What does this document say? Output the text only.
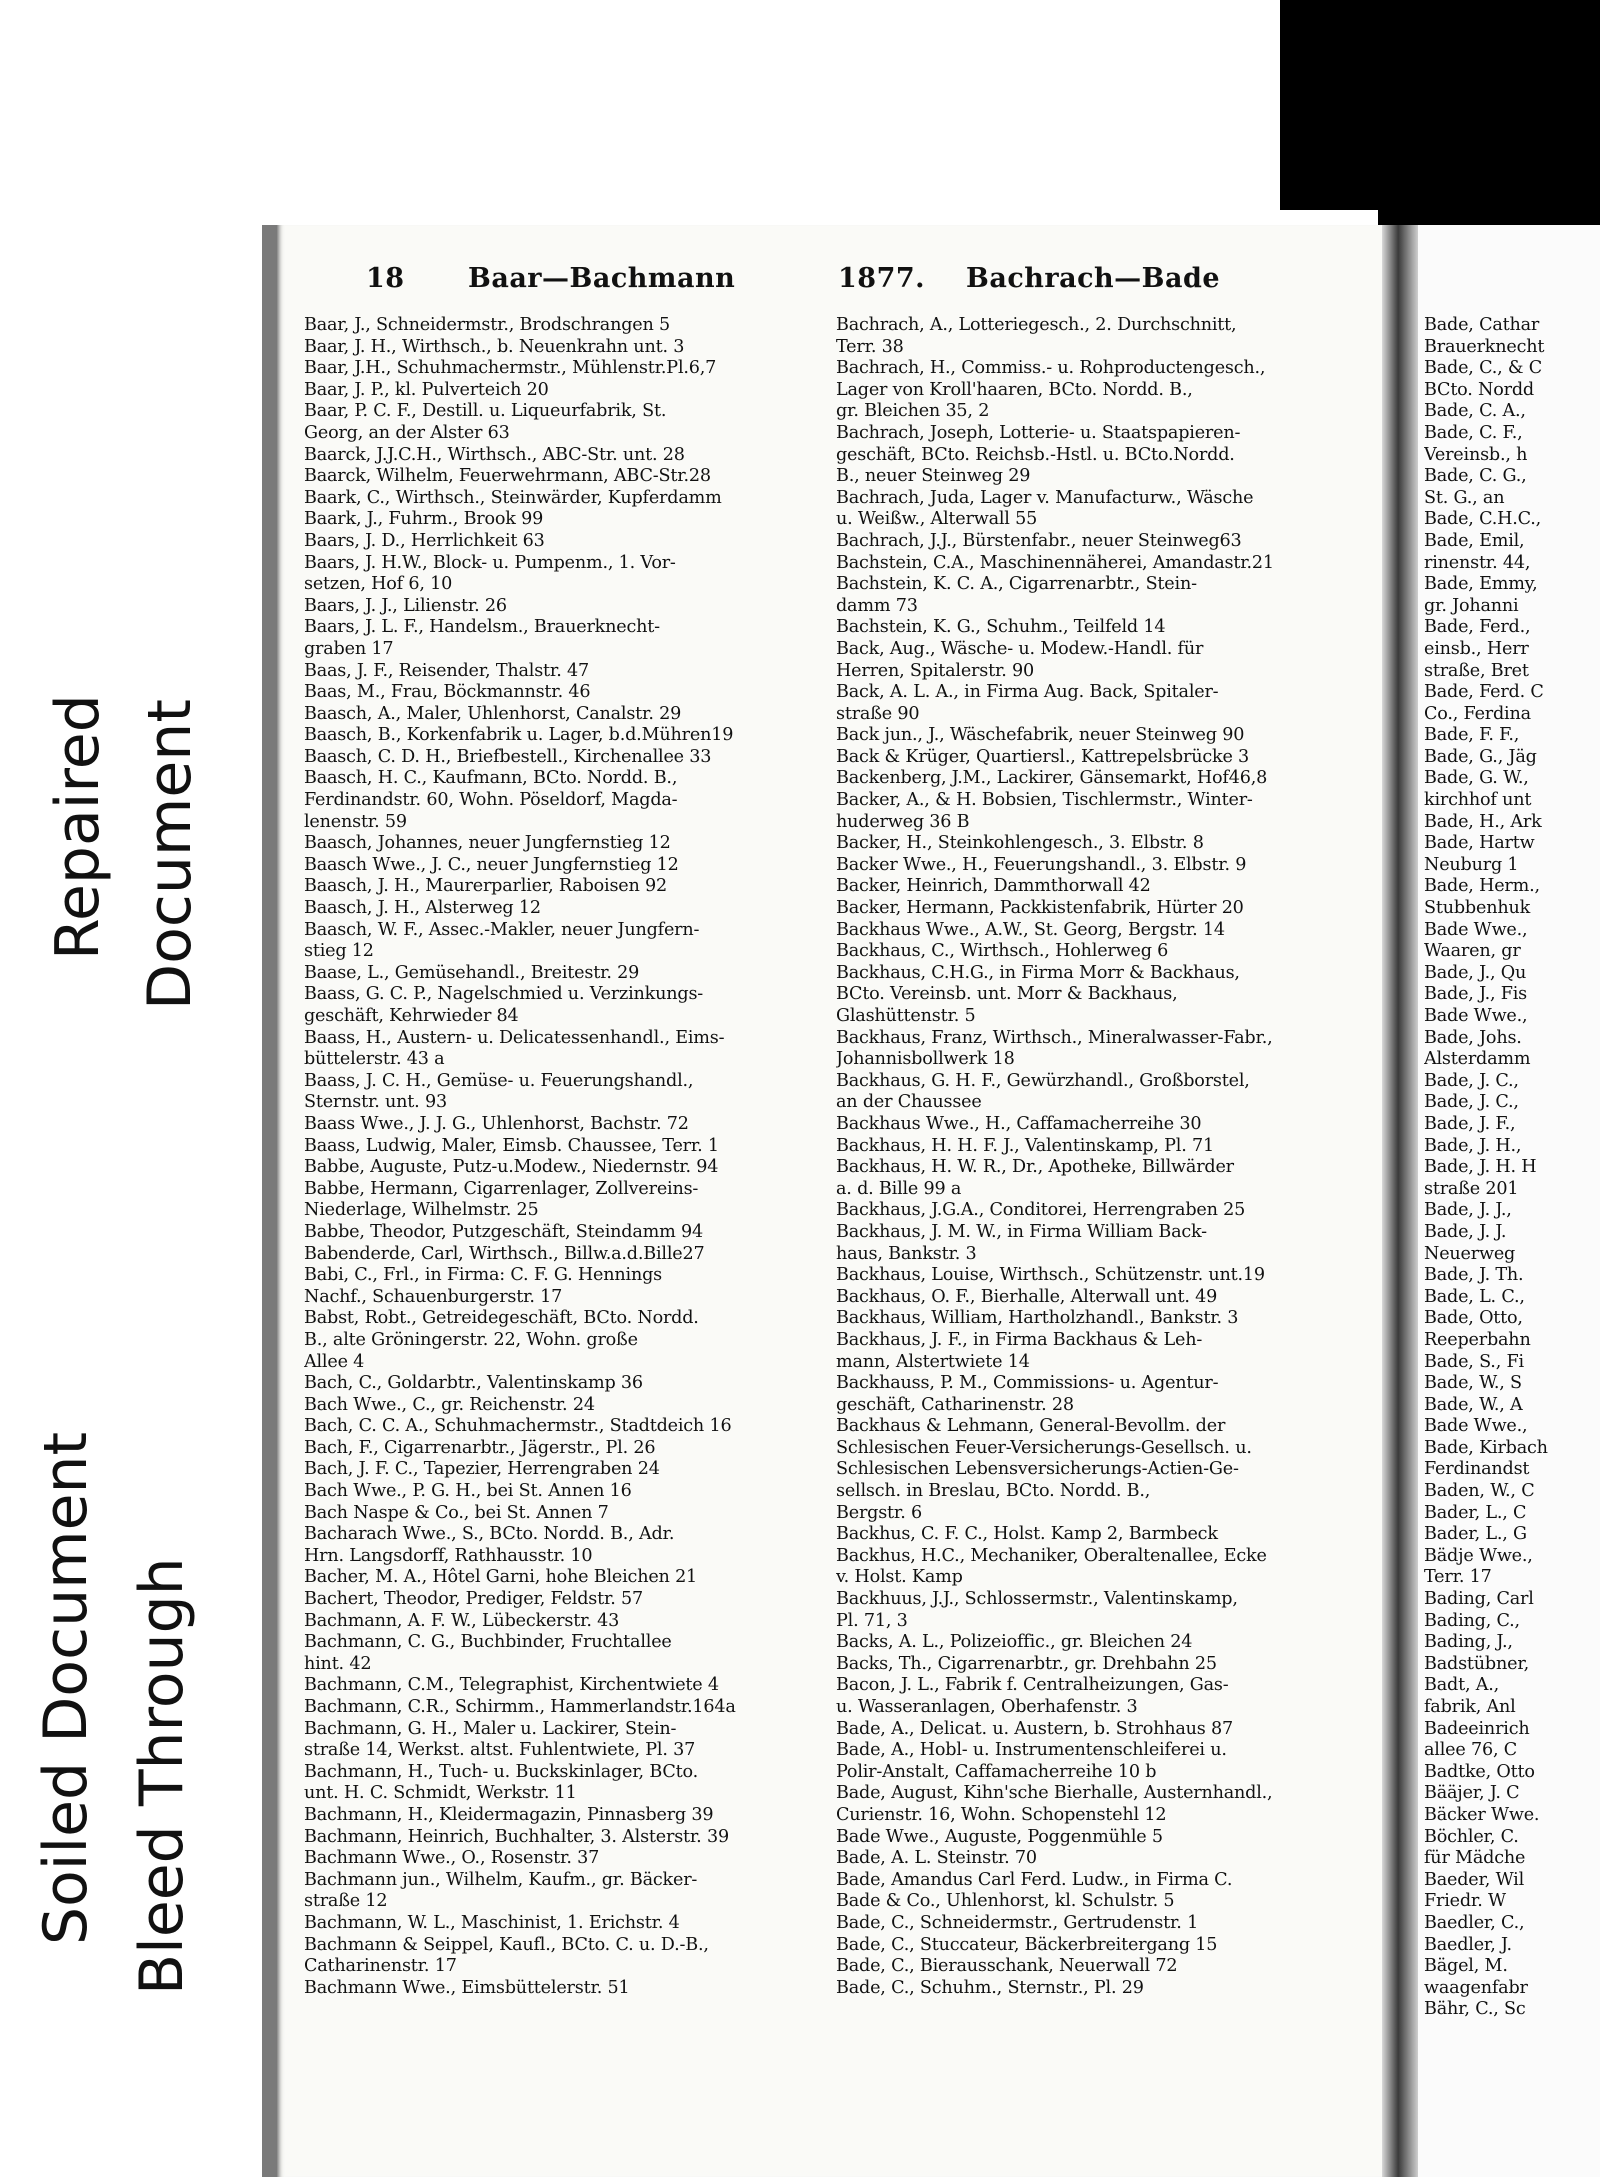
Repaired Document
Soiled Document Bleed Through
18 Baar—Bachmann	1877. Bachrach—Bade
Baar, J., Schneidermstr., Brodschrangen 5
Baar, J. H., Wirthsch., b. Neuenkrahn unt. 3
Baar, J.H., Schuhmachermstr., Mühlenstr.Pl.6,7
Baar, J. P., kl. Pulverteich 20
Baar, P. C. F., Destill. u. Liqueurfabrik, St.
Georg, an der Alster 63
Baarck, J.J.C.H., Wirthsch., ABC-Str. unt. 28
Baarck, Wilhelm, Feuerwehrmann, ABC-Str.28
Baark, C., Wirthsch., Steinwärder, Kupferdamm
Baark, J., Fuhrm., Brook 99
Baars, J. D., Herrlichkeit 63
Baars, J. H.W., Block- u. Pumpenm., 1. Vor-
setzen, Hof 6, 10
Baars, J. J., Lilienstr. 26
Baars, J. L. F., Handelsm., Brauerknecht-
graben 17
Baas, J. F., Reisender, Thalstr. 47
Baas, M., Frau, Böckmannstr. 46
Baasch, A., Maler, Uhlenhorst, Canalstr. 29
Baasch, B., Korkenfabrik u. Lager, b.d.Mühren19
Baasch, C. D. H., Briefbestell., Kirchenallee 33
Baasch, H. C., Kaufmann, BCto. Nordd. B.,
Ferdinandstr. 60, Wohn. Pöseldorf, Magda-
lenenstr. 59
Baasch, Johannes, neuer Jungfernstieg 12
Baasch Wwe., J. C., neuer Jungfernstieg 12
Baasch, J. H., Maurerparlier, Raboisen 92
Baasch, J. H., Alsterweg 12
Baasch, W. F., Assec.-Makler, neuer Jungfern-
stieg 12
Baase, L., Gemüsehandl., Breitestr. 29
Baass, G. C. P., Nagelschmied u. Verzinkungs-
geschäft, Kehrwieder 84
Baass, H., Austern- u. Delicatessenhandl., Eims-
büttelerstr. 43 a
Baass, J. C. H., Gemüse- u. Feuerungshandl.,
Sternstr. unt. 93
Baass Wwe., J. J. G., Uhlenhorst, Bachstr. 72
Baass, Ludwig, Maler, Eimsb. Chaussee, Terr. 1
Babbe, Auguste, Putz-u.Modew., Niedernstr. 94
Babbe, Hermann, Cigarrenlager, Zollvereins-
Niederlage, Wilhelmstr. 25
Babbe, Theodor, Putzgeschäft, Steindamm 94
Babenderde, Carl, Wirthsch., Billw.a.d.Bille27
Babi, C., Frl., in Firma: C. F. G. Hennings
Nachf., Schauenburgerstr. 17
Babst, Robt., Getreidegeschäft, BCto. Nordd.
B., alte Gröningerstr. 22, Wohn. große
Allee 4
Bach, C., Goldarbtr., Valentinskamp 36
Bach Wwe., C., gr. Reichenstr. 24
Bach, C. C. A., Schuhmachermstr., Stadtdeich 16
Bach, F., Cigarrenarbtr., Jägerstr., Pl. 26
Bach, J. F. C., Tapezier, Herrengraben 24
Bach Wwe., P. G. H., bei St. Annen 16
Bach Naspe & Co., bei St. Annen 7
Bacharach Wwe., S., BCto. Nordd. B., Adr.
Hrn. Langsdorff, Rathhausstr. 10
Bacher, M. A., Hôtel Garni, hohe Bleichen 21
Bachert, Theodor, Prediger, Feldstr. 57
Bachmann, A. F. W., Lübeckerstr. 43
Bachmann, C. G., Buchbinder, Fruchtallee
hint. 42
Bachmann, C.M., Telegraphist, Kirchentwiete 4
Bachmann, C.R., Schirmm., Hammerlandstr.164a
Bachmann, G. H., Maler u. Lackirer, Stein-
straße 14, Werkst. altst. Fuhlentwiete, Pl. 37
Bachmann, H., Tuch- u. Buckskinlager, BCto.
unt. H. C. Schmidt, Werkstr. 11
Bachmann, H., Kleidermagazin, Pinnasberg 39
Bachmann, Heinrich, Buchhalter, 3. Alsterstr. 39
Bachmann Wwe., O., Rosenstr. 37
Bachmann jun., Wilhelm, Kaufm., gr. Bäcker-
straße 12
Bachmann, W. L., Maschinist, 1. Erichstr. 4
Bachmann & Seippel, Kaufl., BCto. C. u. D.-B.,
Catharinenstr. 17
Bachmann Wwe., Eimsbüttelerstr. 51
Bachrach, A., Lotteriegesch., 2. Durchschnitt,
Terr. 38
Bachrach, H., Commiss.- u. Rohproductengesch.,
Lager von Kroll'haaren, BCto. Nordd. B.,
gr. Bleichen 35, 2
Bachrach, Joseph, Lotterie- u. Staatspapieren-
geschäft, BCto. Reichsb.-Hstl. u. BCto.Nordd.
B., neuer Steinweg 29
Bachrach, Juda, Lager v. Manufacturw., Wäsche
u. Weißw., Alterwall 55
Bachrach, J.J., Bürstenfabr., neuer Steinweg63
Bachstein, C.A., Maschinennäherei, Amandastr.21
Bachstein, K. C. A., Cigarrenarbtr., Stein-
damm 73
Bachstein, K. G., Schuhm., Teilfeld 14
Back, Aug., Wäsche- u. Modew.-Handl. für
Herren, Spitalerstr. 90
Back, A. L. A., in Firma Aug. Back, Spitaler-
straße 90
Back jun., J., Wäschefabrik, neuer Steinweg 90
Back & Krüger, Quartiersl., Kattrepelsbrücke 3
Backenberg, J.M., Lackirer, Gänsemarkt, Hof46,8
Backer, A., & H. Bobsien, Tischlermstr., Winter-
huderweg 36 B
Backer, H., Steinkohlengesch., 3. Elbstr. 8
Backer Wwe., H., Feuerungshandl., 3. Elbstr. 9
Backer, Heinrich, Dammthorwall 42
Backer, Hermann, Packkistenfabrik, Hürter 20
Backhaus Wwe., A.W., St. Georg, Bergstr. 14
Backhaus, C., Wirthsch., Hohlerweg 6
Backhaus, C.H.G., in Firma Morr & Backhaus,
BCto. Vereinsb. unt. Morr & Backhaus,
Glashüttenstr. 5
Backhaus, Franz, Wirthsch., Mineralwasser-Fabr.,
Johannisbollwerk 18
Backhaus, G. H. F., Gewürzhandl., Großborstel,
an der Chaussee
Backhaus Wwe., H., Caffamacherreihe 30
Backhaus, H. H. F. J., Valentinskamp, Pl. 71
Backhaus, H. W. R., Dr., Apotheke, Billwärder
a. d. Bille 99 a
Backhaus, J.G.A., Conditorei, Herrengraben 25
Backhaus, J. M. W., in Firma William Back-
haus, Bankstr. 3
Backhaus, Louise, Wirthsch., Schützenstr. unt.19
Backhaus, O. F., Bierhalle, Alterwall unt. 49
Backhaus, William, Hartholzhandl., Bankstr. 3
Backhaus, J. F., in Firma Backhaus & Leh-
mann, Alstertwiete 14
Backhauss, P. M., Commissions- u. Agentur-
geschäft, Catharinenstr. 28
Backhaus & Lehmann, General-Bevollm. der
Schlesischen Feuer-Versicherungs-Gesellsch. u.
Schlesischen Lebensversicherungs-Actien-Ge-
sellsch. in Breslau, BCto. Nordd. B.,
Bergstr. 6
Backhus, C. F. C., Holst. Kamp 2, Barmbeck
Backhus, H.C., Mechaniker, Oberaltenallee, Ecke
v. Holst. Kamp
Backhuus, J.J., Schlossermstr., Valentinskamp,
Pl. 71, 3
Backs, A. L., Polizeioffic., gr. Bleichen 24
Backs, Th., Cigarrenarbtr., gr. Drehbahn 25
Bacon, J. L., Fabrik f. Centralheizungen, Gas-
u. Wasseranlagen, Oberhafenstr. 3
Bade, A., Delicat. u. Austern, b. Strohhaus 87
Bade, A., Hobl- u. Instrumentenschleiferei u.
Polir-Anstalt, Caffamacherreihe 10 b
Bade, August, Kihn'sche Bierhalle, Austernhandl.,
Curienstr. 16, Wohn. Schopenstehl 12
Bade Wwe., Auguste, Poggenmühle 5
Bade, A. L. Steinstr. 70
Bade, Amandus Carl Ferd. Ludw., in Firma C.
Bade & Co., Uhlenhorst, kl. Schulstr. 5
Bade, C., Schneidermstr., Gertrudenstr. 1
Bade, C., Stuccateur, Bäckerbreitergang 15
Bade, C., Bierausschank, Neuerwall 72
Bade, C., Schuhm., Sternstr., Pl. 29
Bade, Cathar
Brauerknecht
Bade, C., & C
BCto. Nordd
Bade, C. A.,
Bade, C. F.,
Vereinsb., h
Bade, C. G.,
St. G., an
Bade, C.H.C.,
Bade, Emil,
rinenstr. 44,
Bade, Emmy,
gr. Johanni
Bade, Ferd.,
einsb., Herr
straße, Bret
Bade, Ferd. C
Co., Ferdina
Bade, F. F.,
Bade, G., Jäg
Bade, G. W.,
kirchhof unt
Bade, H., Ark
Bade, Hartw
Neuburg 1
Bade, Herm.,
Stubbenhuk
Bade Wwe.,
Waaren, gr
Bade, J., Qu
Bade, J., Fis
Bade Wwe.,
Bade, Johs.
Alsterdamm
Bade, J. C.,
Bade, J. C.,
Bade, J. F.,
Bade, J. H.,
Bade, J. H. H
straße 201
Bade, J. J.,
Bade, J. J.
Neuerweg
Bade, J. Th.
Bade, L. C.,
Bade, Otto,
Reeperbahn
Bade, S., Fi
Bade, W., S
Bade, W., A
Bade Wwe.,
Bade, Kirbach
Ferdinandst
Baden, W., C
Bader, L., C
Bader, L., G
Bädje Wwe.,
Terr. 17
Bading, Carl
Bading, C.,
Bading, J.,
Badstübner,
Badt, A.,
fabrik, Anl
Badeeinrich
allee 76, C
Badtke, Otto
Bääjer, J. C
Bäcker Wwe.
Böchler, C.
für Mädche
Baeder, Wil
Friedr. W
Baedler, C.,
Baedler, J.
Bägel, M.
waagenfabr
Bähr, C., Sc
